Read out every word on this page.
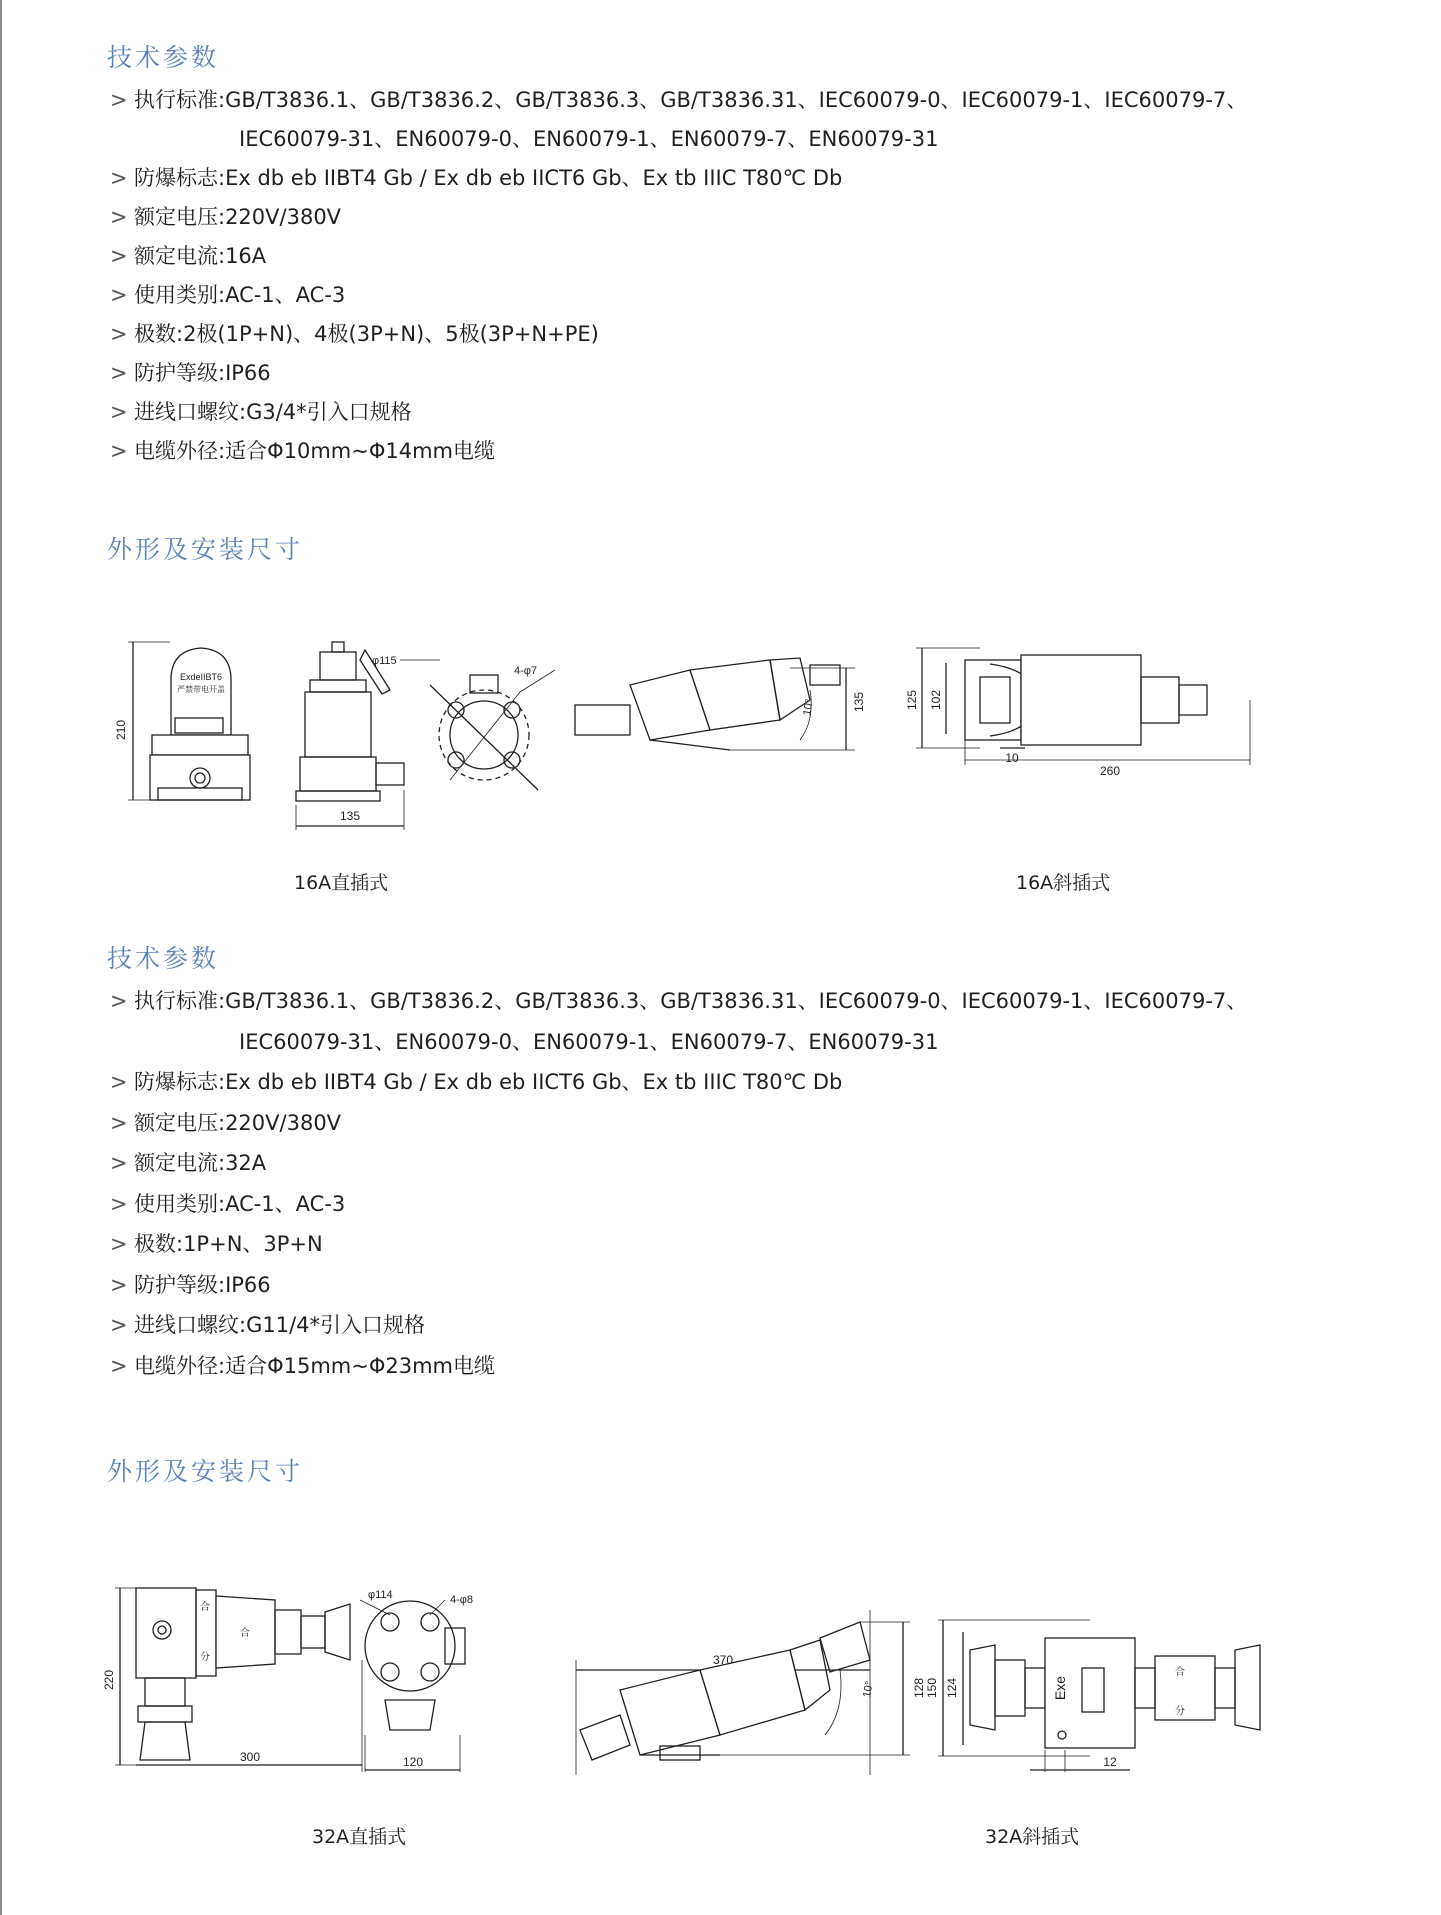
技术参数
> 执行标准:GB/T3836.1、GB/T3836.2、GB/T3836.3、GB/T3836.31、IEC60079-0、IEC60079-1、IEC60079-7、
IEC60079-31、EN60079-0、EN60079-1、EN60079-7、EN60079-31
> 防爆标志:Ex db eb IIBT4 Gb / Ex db eb IICT6 Gb、Ex tb IIIC T80℃ Db
> 额定电压:220V/380V
> 额定电流:16A
> 使用类别:AC-1、AC-3
> 极数:2极(1P+N)、4极(3P+N)、5极(3P+N+PE)
> 防护等级:IP66
> 进线口螺纹:G3/4*引入口规格
> 电缆外径:适合Φ10mm~Φ14mm电缆
外形及安装尺寸
ExdeIIBT6
严禁带电开盖
210
135
φ115
4-φ7
10°	135	125 102
10
260
16A直插式	16A斜插式
技术参数
> 执行标准:GB/T3836.1、GB/T3836.2、GB/T3836.3、GB/T3836.31、IEC60079-0、IEC60079-1、IEC60079-7、
IEC60079-31、EN60079-0、EN60079-1、EN60079-7、EN60079-31
> 防爆标志:Ex db eb IIBT4 Gb / Ex db eb IICT6 Gb、Ex tb IIIC T80℃ Db
> 额定电压:220V/380V
> 额定电流:32A
> 使用类别:AC-1、AC-3
> 极数:1P+N、3P+N
> 防护等级:IP66
> 进线口螺纹:G11/4*引入口规格
> 电缆外径:适合Φ15mm~Φ23mm电缆
外形及安装尺寸
合
合
分
220
300
φ114	4-φ8
120
370
10°	128	Exe
合
分
150 124
12
32A直插式	32A斜插式
